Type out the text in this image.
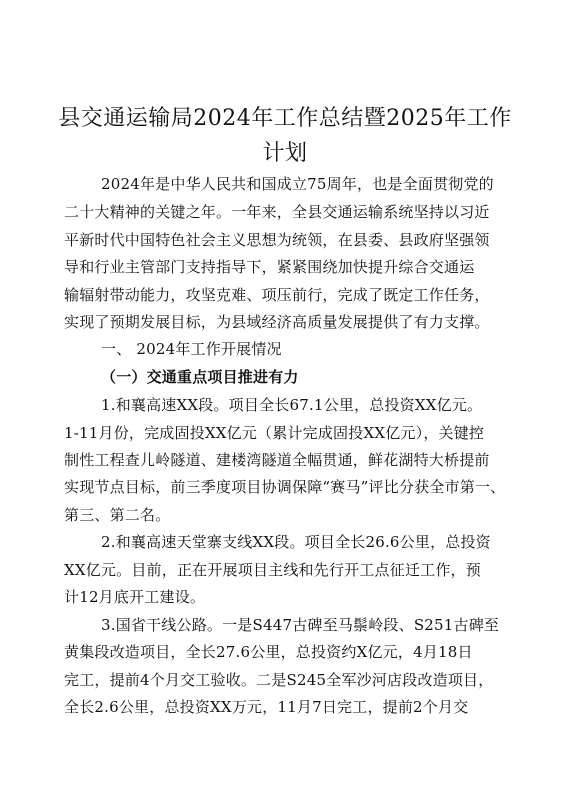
县交通运输局2024年工作总结暨2025年工作
计划
2024年是中华人民共和国成立75周年，也是全面贯彻党的
二十大精神的关键之年。一年来，全县交通运输系统坚持以习近
平新时代中国特色社会主义思想为统领，在县委、县政府坚强领
导和行业主管部门支持指导下，紧紧围绕加快提升综合交通运
输辐射带动能力，攻坚克难、项压前行，完成了既定工作任务，
实现了预期发展目标，为县域经济高质量发展提供了有力支撑。
一、 2024年工作开展情况
（一）交通重点项目推进有力
1.和襄高速XX段。项目全长67.1公里，总投资XX亿元。
1-11月份，完成固投XX亿元（累计完成固投XX亿元），关键控
制性工程查儿岭隧道、建楼湾隧道全幅贯通，鲜花湖特大桥提前
实现节点目标，前三季度项目协调保障“赛马”评比分获全市第一、
第三、第二名。
2.和襄高速天堂寨支线XX段。项目全长26.6公里，总投资
XX亿元。目前，正在开展项目主线和先行开工点征迁工作，预
计12月底开工建设。
3.国省干线公路。一是S447古碑至马鬃岭段、S251古碑至
黄集段改造项目，全长27.6公里，总投资约X亿元，4月18日
完工，提前4个月交工验收。二是S245全军沙河店段改造项目，
全长2.6公里，总投资XX万元，11月7日完工，提前2个月交
